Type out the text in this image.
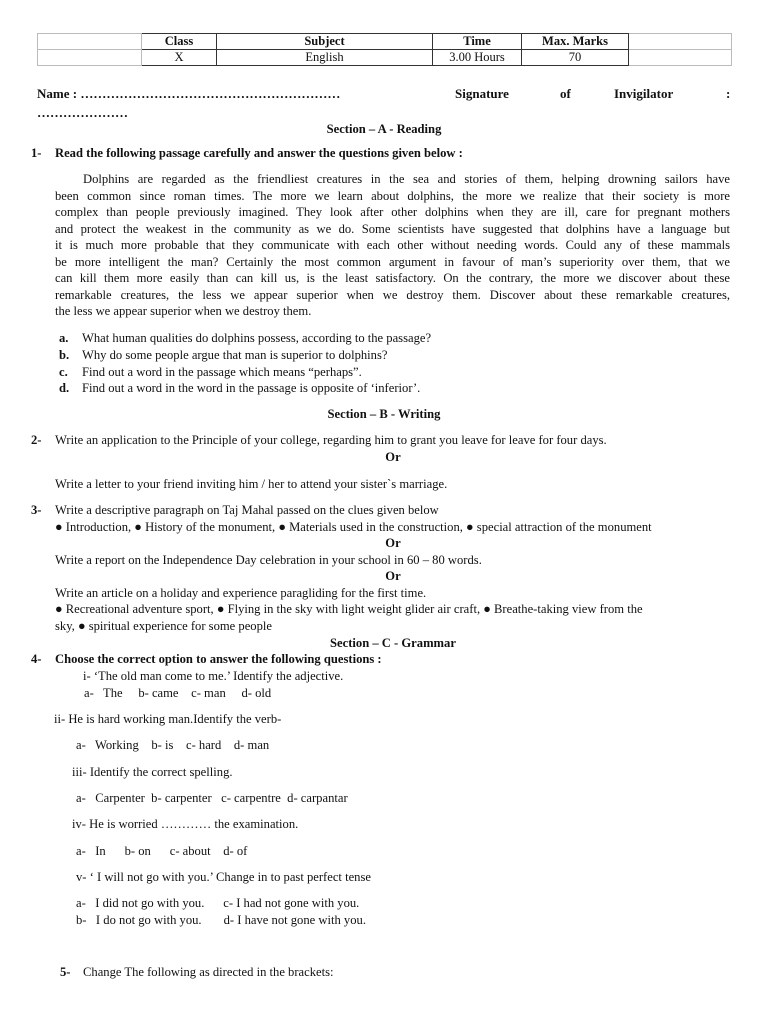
	Class	Subject	Time	Max. Marks	
	X	English	3.00 Hours	70	
Name : ……………………………………………………	Signature	of	Invigilator	:
…………………
Section – A - Reading
1- Read the following passage carefully and answer the questions given below :
Dolphins are regarded as the friendliest creatures in the sea and stories of them, helping drowning sailors have
been common since roman times. The more we learn about dolphins, the more we realize that their society is more
complex than people previously imagined. They look after other dolphins when they are ill, care for pregnant mothers
and protect the weakest in the community as we do. Some scientists have suggested that dolphins have a language but
it is much more probable that they communicate with each other without needing words. Could any of these mammals
be more intelligent the man? Certainly the most common argument in favour of man’s superiority over them, that we
can kill them more easily than can kill us, is the least satisfactory. On the contrary, the more we discover about these
remarkable creatures, the less we appear superior when we destroy them. Discover about these remarkable creatures,
the less we appear superior when we destroy them.
a. What human qualities do dolphins possess, according to the passage?
b. Why do some people argue that man is superior to dolphins?
c. Find out a word in the passage which means “perhaps”.
d. Find out a word in the word in the passage is opposite of ‘inferior’.
Section – B - Writing
2- Write an application to the Principle of your college, regarding him to grant you leave for leave for four days.
Or
Write a letter to your friend inviting him / her to attend your sister`s marriage.
3- Write a descriptive paragraph on Taj Mahal passed on the clues given below
● Introduction, ● History of the monument, ● Materials used in the construction, ● special attraction of the monument
Or
Write a report on the Independence Day celebration in your school in 60 – 80 words.
Or
Write an article on a holiday and experience paragliding for the first time.
● Recreational adventure sport, ● Flying in the sky with light weight glider air craft, ● Breathe-taking view from the
sky, ● spiritual experience for some people
Section – C - Grammar
4- Choose the correct option to answer the following questions :
i- ‘The old man come to me.’ Identify the adjective.
a-   The     b- came    c- man     d- old
ii- He is hard working man.Identify the verb-
a-   Working    b- is    c- hard    d- man
iii- Identify the correct spelling.
a-   Carpenter  b- carpenter   c- carpentre  d- carpantar
iv- He is worried ………… the examination.
a-   In      b- on      c- about    d- of
v- ‘ I will not go with you.’ Change in to past perfect tense
a-   I did not go with you.      c- I had not gone with you.
b-   I do not go with you.       d- I have not gone with you.
5- Change The following as directed in the brackets:
